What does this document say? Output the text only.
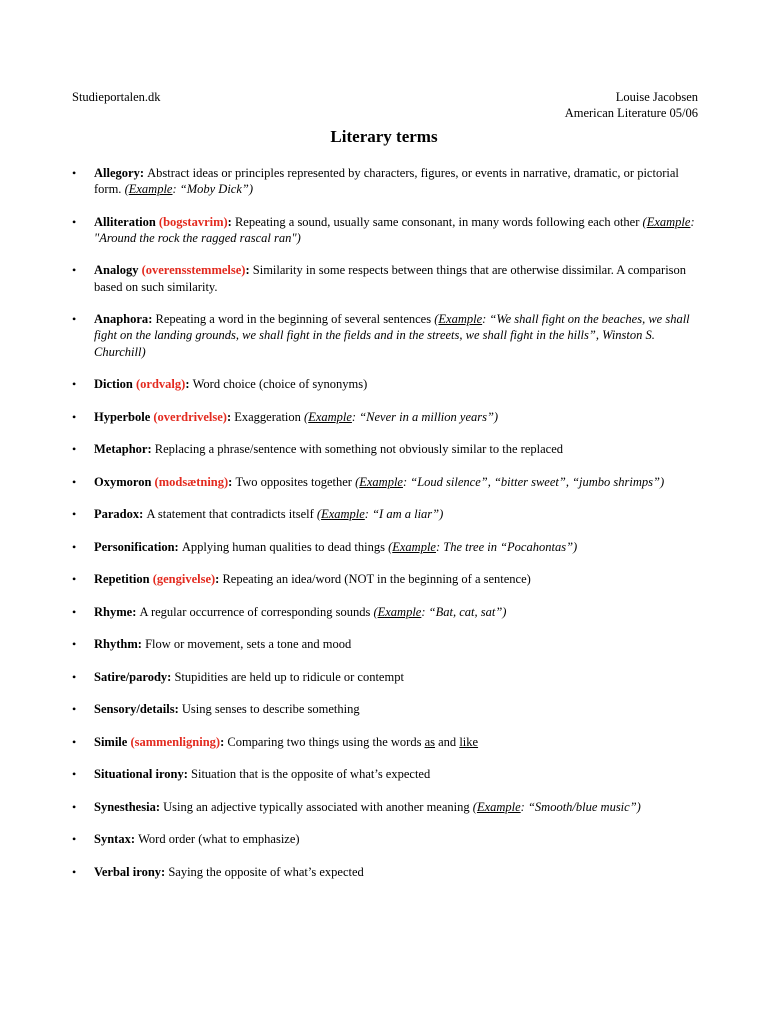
Studieportalen.dk	Louise Jacobsen
American Literature 05/06
Literary terms
• Allegory: Abstract ideas or principles represented by characters, figures, or events in narrative, dramatic, or pictorial form. (Example: “Moby Dick”)
• Alliteration (bogstavrim): Repeating a sound, usually same consonant, in many words following each other (Example: "Around the rock the ragged rascal ran")
• Analogy (overensstemmelse): Similarity in some respects between things that are otherwise dissimilar. A comparison based on such similarity.
• Anaphora: Repeating a word in the beginning of several sentences (Example: “We shall fight on the beaches, we shall fight on the landing grounds, we shall fight in the fields and in the streets, we shall fight in the hills”, Winston S. Churchill)
• Diction (ordvalg): Word choice (choice of synonyms)
• Hyperbole (overdrivelse): Exaggeration (Example: “Never in a million years”)
• Metaphor: Replacing a phrase/sentence with something not obviously similar to the replaced
• Oxymoron (modsætning): Two opposites together (Example: “Loud silence”, “bitter sweet”, “jumbo shrimps”)
• Paradox: A statement that contradicts itself (Example: “I am a liar”)
• Personification: Applying human qualities to dead things (Example: The tree in “Pocahontas”)
• Repetition (gengivelse): Repeating an idea/word (NOT in the beginning of a sentence)
• Rhyme: A regular occurrence of corresponding sounds (Example: “Bat, cat, sat”)
• Rhythm: Flow or movement, sets a tone and mood
• Satire/parody: Stupidities are held up to ridicule or contempt
• Sensory/details: Using senses to describe something
• Simile (sammenligning): Comparing two things using the words as and like
• Situational irony: Situation that is the opposite of what’s expected
• Synesthesia: Using an adjective typically associated with another meaning (Example: “Smooth/blue music”)
• Syntax: Word order (what to emphasize)
• Verbal irony: Saying the opposite of what’s expected
